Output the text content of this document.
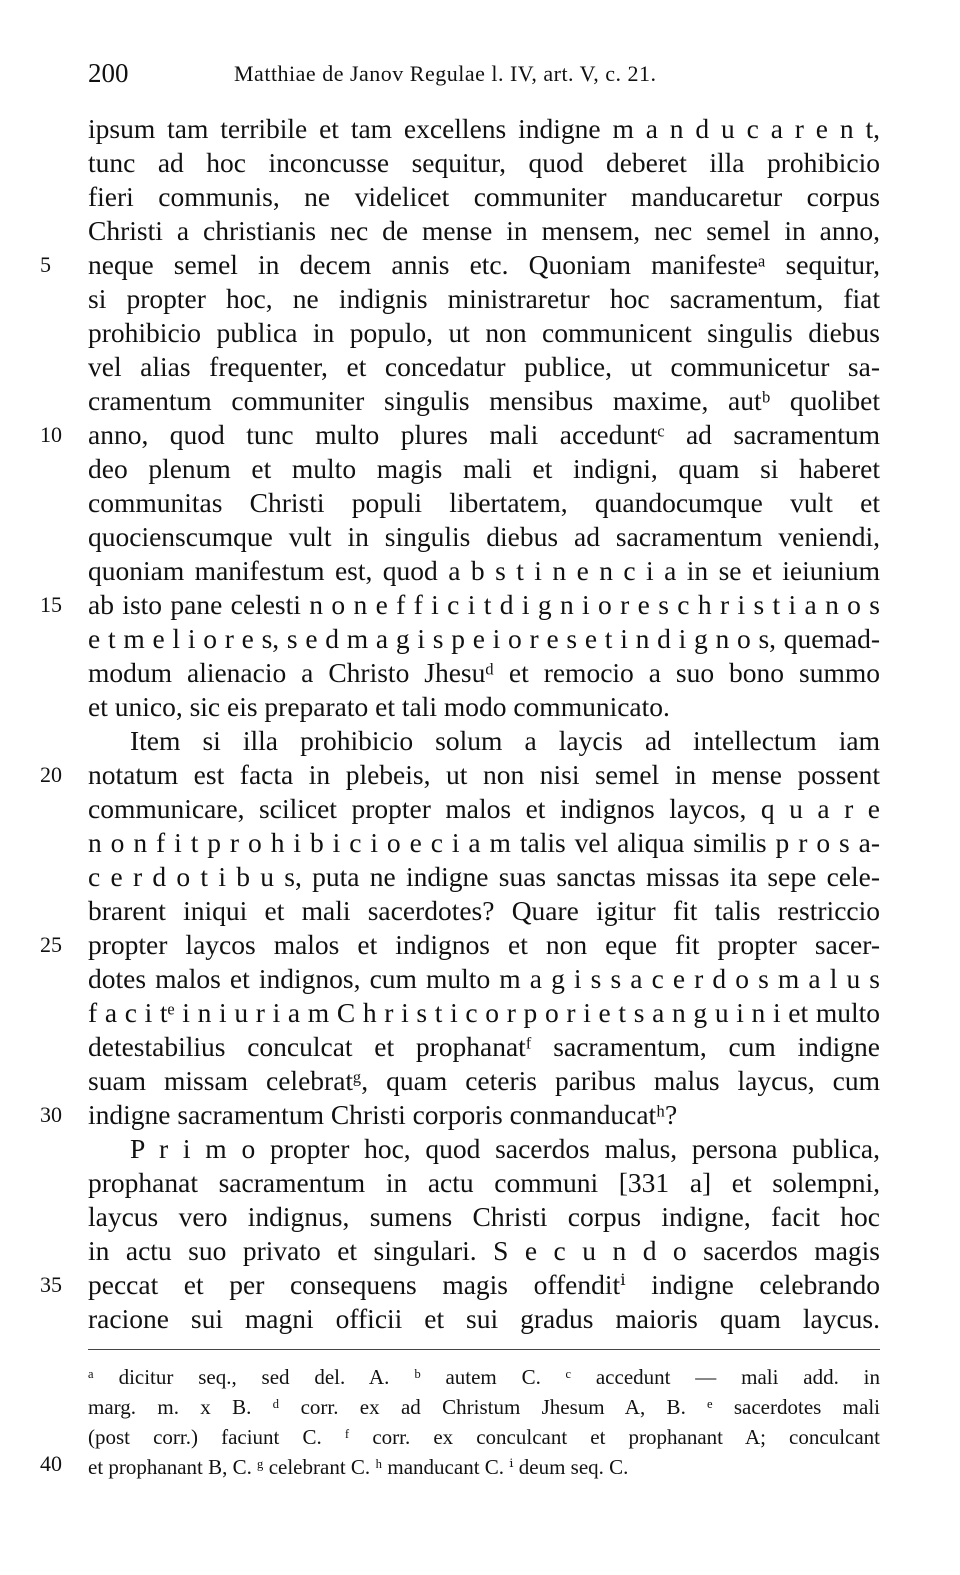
200	Matthiae de Janov Regulae l. IV, art. V, c. 21.
ipsum tam terribile et tam excellens indigne m a n d u c a r e n t,
tunc ad hoc inconcusse sequitur, quod deberet illa prohibicio
fieri communis, ne videlicet communiter manducaretur corpus
Christi a christianis nec de mense in mensem, nec semel in anno,
neque semel in decem annis etc. Quoniam manifesteᵃ sequitur,
si propter hoc, ne indignis ministraretur hoc sacramentum, fiat
prohibicio publica in populo, ut non communicent singulis diebus
vel alias frequenter, et concedatur publice, ut communicetur sa-
cramentum communiter singulis mensibus maxime, autᵇ quolibet
anno, quod tunc multo plures mali acceduntᶜ ad sacramentum
deo plenum et multo magis mali et indigni, quam si haberet
communitas Christi populi libertatem, quandocumque vult et
quocienscumque vult in singulis diebus ad sacramentum veniendi,
quoniam manifestum est, quod a b s t i n e n c i a in se et ieiunium
ab isto pane celesti n o n e f f i c i t d i g n i o r e s c h r i s t i a n o s
e t m e l i o r e s, s e d m a g i s p e i o r e s e t i n d i g n o s, quemad-
modum alienacio a Christo Jhesuᵈ et remocio a suo bono summo
et unico, sic eis preparato et tali modo communicato.
Item si illa prohibicio solum a laycis ad intellectum iam
notatum est facta in plebeis, ut non nisi semel in mense possent
communicare, scilicet propter malos et indignos laycos, q u a r e
n o n f i t p r o h i b i c i o e c i a m talis vel aliqua similis p r o s a-
c e r d o t i b u s, puta ne indigne suas sanctas missas ita sepe cele-
brarent iniqui et mali sacerdotes? Quare igitur fit talis restriccio
propter laycos malos et indignos et non eque fit propter sacer-
dotes malos et indignos, cum multo m a g i s s a c e r d o s m a l u s
f a c i tᵉ i n i u r i a m C h r i s t i c o r p o r i e t s a n g u i n i et multo
detestabilius conculcat et prophanatᶠ sacramentum, cum indigne
suam missam celebratᵍ, quam ceteris paribus malus laycus, cum
indigne sacramentum Christi corporis conmanducatʰ?
P r i m o propter hoc, quod sacerdos malus, persona publica,
prophanat sacramentum in actu communi [331 a] et solempni,
laycus vero indignus, sumens Christi corpus indigne, facit hoc
in actu suo privato et singulari. S e c u n d o sacerdos magis
peccat et per consequens magis offenditⁱ indigne celebrando
racione sui magni officii et sui gradus maioris quam laycus.
5
10
15
20
25
30
35
40
ᵃ dicitur seq., sed del. A. ᵇ autem C. ᶜ accedunt — mali add. in
marg. m. x B. ᵈ corr. ex ad Christum Jhesum A, B. ᵉ sacerdotes mali
(post corr.) faciunt C. ᶠ corr. ex conculcant et prophanant A; conculcant
et prophanant B, C. ᵍ celebrant C. ʰ manducant C. ⁱ deum seq. C.
